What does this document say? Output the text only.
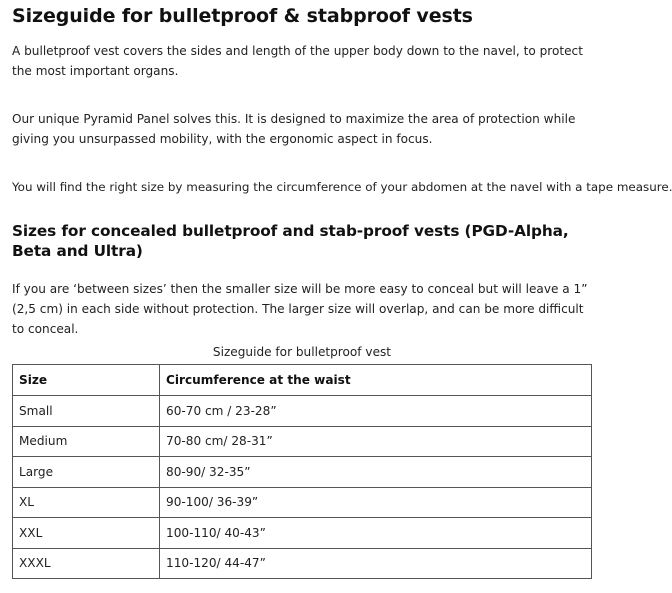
Sizeguide for bulletproof & stabproof vests

A bulletproof vest covers the sides and length of the upper body down to the navel, to protect the most important organs.

Our unique Pyramid Panel solves this. It is designed to maximize the area of protection while giving you unsurpassed mobility, with the ergonomic aspect in focus.

You will find the right size by measuring the circumference of your abdomen at the navel with a tape measure.

Sizes for concealed bulletproof and stab-proof vests (PGD-Alpha, Beta and Ultra)

If you are ‘between sizes’ then the smaller size will be more easy to conceal but will leave a 1” (2,5 cm) in each side without protection. The larger size will overlap, and can be more difficult to conceal.

Sizeguide for bulletproof vest
Size	Circumference at the waist
Small	60-70 cm / 23-28”
Medium	70-80 cm/ 28-31”
Large	80-90/ 32-35”
XL	90-100/ 36-39”
XXL	100-110/ 40-43”
XXXL	110-120/ 44-47”
